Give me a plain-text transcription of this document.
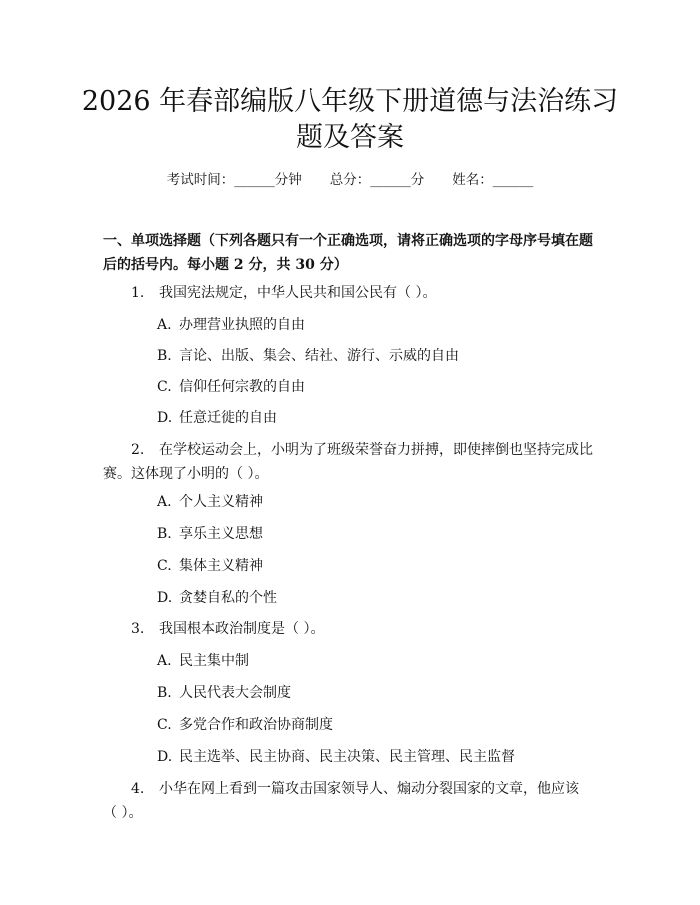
2026 年春部编版八年级下册道德与法治练习
题及答案
考试时间：______分钟 总分：______分 姓名：______
一、单项选择题（下列各题只有一个正确选项，请将正确选项的字母序号填在题
后的括号内。每小题 2 分，共 30 分）
1. 我国宪法规定，中华人民共和国公民有（ ）。
A. 办理营业执照的自由
B. 言论、出版、集会、结社、游行、示威的自由
C. 信仰任何宗教的自由
D. 任意迁徙的自由
2. 在学校运动会上，小明为了班级荣誉奋力拼搏，即使摔倒也坚持完成比
赛。这体现了小明的（ ）。
A. 个人主义精神
B. 享乐主义思想
C. 集体主义精神
D. 贪婪自私的个性
3. 我国根本政治制度是（ ）。
A. 民主集中制
B. 人民代表大会制度
C. 多党合作和政治协商制度
D. 民主选举、民主协商、民主决策、民主管理、民主监督
4. 小华在网上看到一篇攻击国家领导人、煽动分裂国家的文章，他应该
（ ）。
